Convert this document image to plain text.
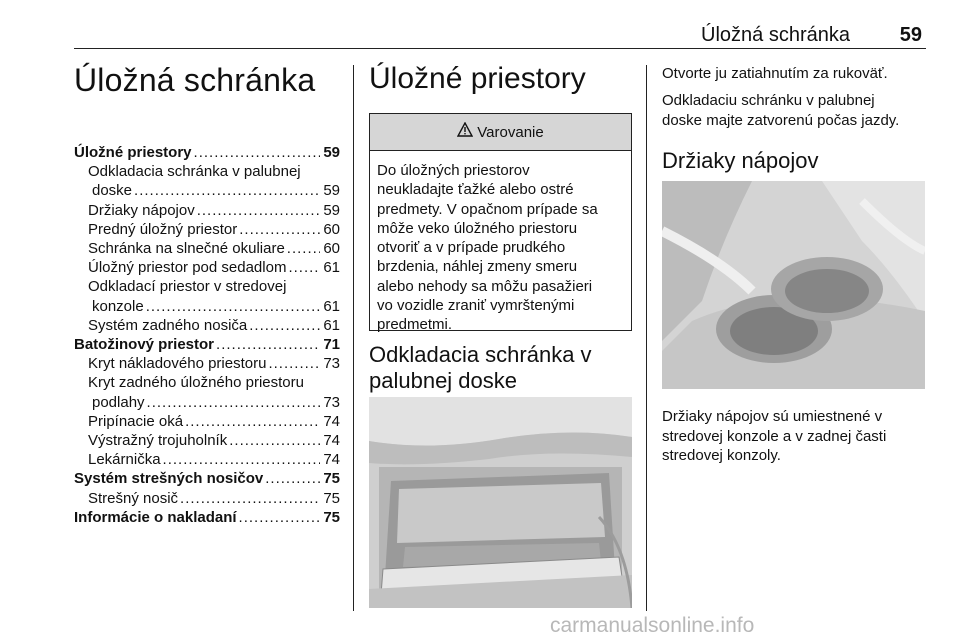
Úložná schránka 59
Úložná schránka
Úložné priestory .....	59
Odkladacia schránka v palubnej
doske .....	59
Držiaky nápojov .....	59
Predný úložný priestor .....	60
Schránka na slnečné okuliare .....	60
Úložný priestor pod sedadlom ..... 61
Odkladací priestor v stredovej
konzole .....	61
Systém zadného nosiča .....	61
Batožinový priestor .....	71
Kryt nákladového priestoru .....	73
Kryt zadného úložného priestoru
podlahy .....	73
Pripínacie oká .....	74
Výstražný trojuholník .....	74
Lekárnička .....	74
Systém strešných nosičov .....	75
Strešný nosič .....	75
Informácie o nakladaní .....	75
Úložné priestory
Varovanie
Do úložných priestorov
neukladajte ťažké alebo ostré
predmety. V opačnom prípade sa
môže veko úložného priestoru
otvoriť a v prípade prudkého
brzdenia, náhlej zmeny smeru
alebo nehody sa môžu pasažieri
vo vozidle zraniť vymrštenými
predmetmi.
Odkladacia schránka v
palubnej doske
Otvorte ju zatiahnutím za rukoväť.
Odkladaciu schránku v palubnej
doske majte zatvorenú počas jazdy.
Držiaky nápojov
Držiaky nápojov sú umiestnené v
stredovej konzole a v zadnej časti
stredovej konzoly.
carmanualsonline.info
